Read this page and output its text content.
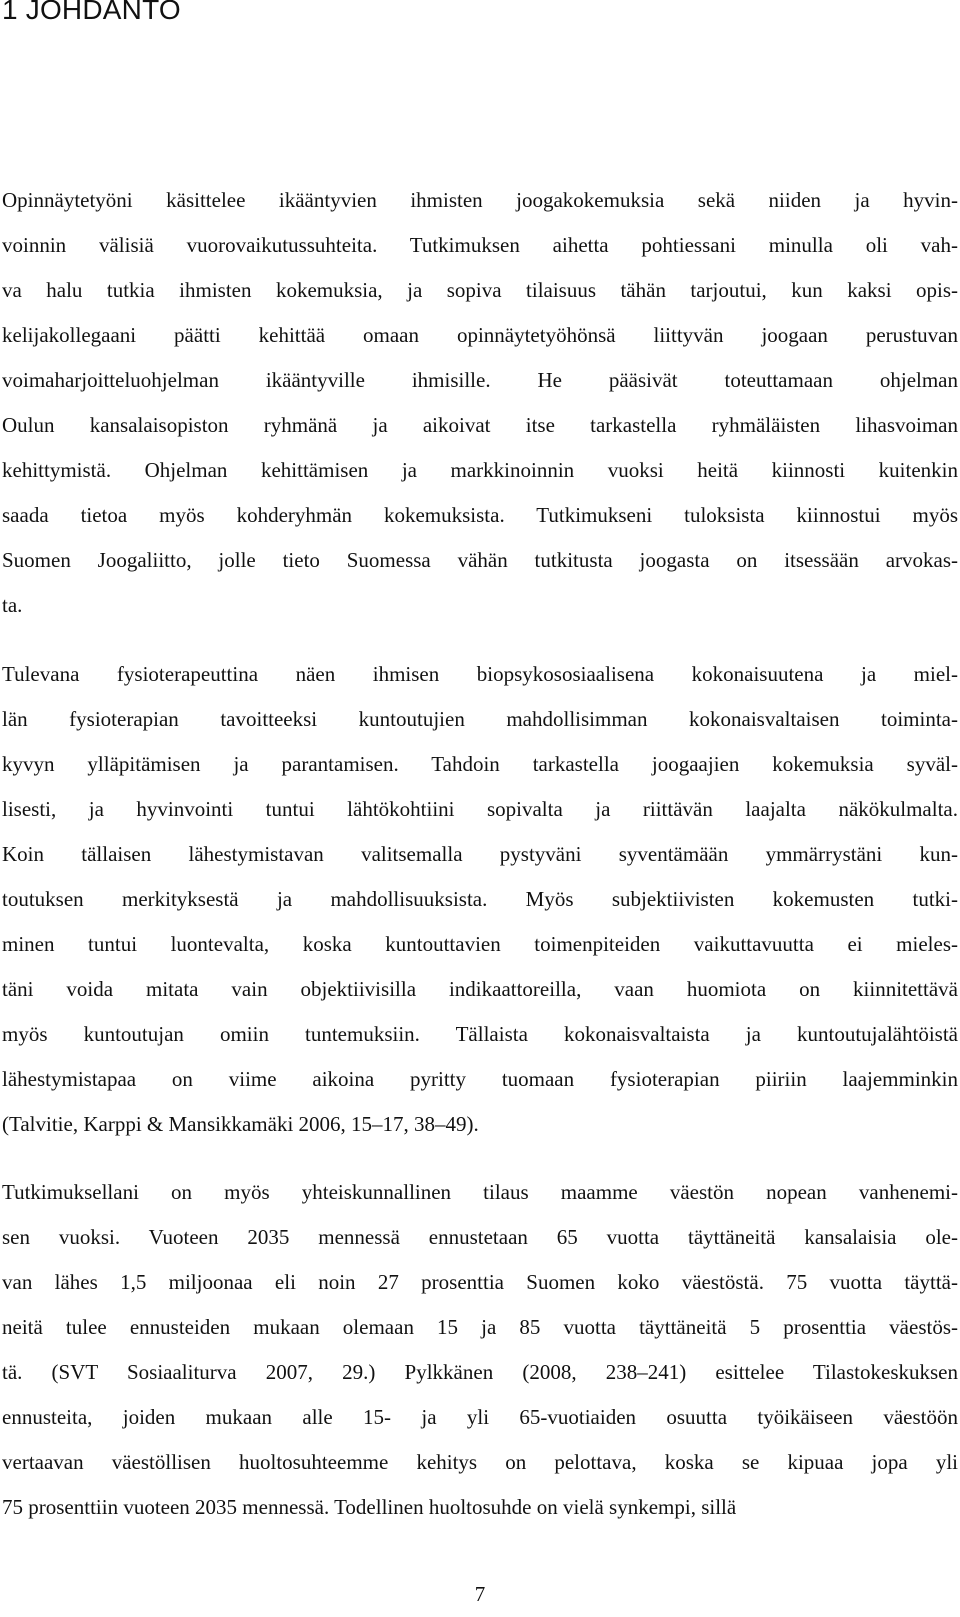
1 JOHDANTO

Opinnäytetyöni käsittelee ikääntyvien ihmisten joogakokemuksia sekä niiden ja hyvin-
voinnin välisiä vuorovaikutussuhteita. Tutkimuksen aihetta pohtiessani minulla oli vah-
va halu tutkia ihmisten kokemuksia, ja sopiva tilaisuus tähän tarjoutui, kun kaksi opis-
kelijakollegaani päätti kehittää omaan opinnäytetyöhönsä liittyvän joogaan perustuvan
voimaharjoitteluohjelman ikääntyville ihmisille. He pääsivät toteuttamaan ohjelman
Oulun kansalaisopiston ryhmänä ja aikoivat itse tarkastella ryhmäläisten lihasvoiman
kehittymistä. Ohjelman kehittämisen ja markkinoinnin vuoksi heitä kiinnosti kuitenkin
saada tietoa myös kohderyhmän kokemuksista. Tutkimukseni tuloksista kiinnostui myös
Suomen Joogaliitto, jolle tieto Suomessa vähän tutkitusta joogasta on itsessään arvokas-
ta.

Tulevana fysioterapeuttina näen ihmisen biopsykososiaalisena kokonaisuutena ja miel-
län fysioterapian tavoitteeksi kuntoutujien mahdollisimman kokonaisvaltaisen toiminta-
kyvyn ylläpitämisen ja parantamisen. Tahdoin tarkastella joogaajien kokemuksia syväl-
lisesti, ja hyvinvointi tuntui lähtökohtiini sopivalta ja riittävän laajalta näkökulmalta.
Koin tällaisen lähestymistavan valitsemalla pystyväni syventämään ymmärrystäni kun-
toutuksen merkityksestä ja mahdollisuuksista. Myös subjektiivisten kokemusten tutki-
minen tuntui luontevalta, koska kuntouttavien toimenpiteiden vaikuttavuutta ei mieles-
täni voida mitata vain objektiivisilla indikaattoreilla, vaan huomiota on kiinnitettävä
myös kuntoutujan omiin tuntemuksiin. Tällaista kokonaisvaltaista ja kuntoutujalähtöistä
lähestymistapaa on viime aikoina pyritty tuomaan fysioterapian piiriin laajemminkin
(Talvitie, Karppi & Mansikkamäki 2006, 15–17, 38–49).

Tutkimuksellani on myös yhteiskunnallinen tilaus maamme väestön nopean vanhenemi-
sen vuoksi. Vuoteen 2035 mennessä ennustetaan 65 vuotta täyttäneitä kansalaisia ole-
van lähes 1,5 miljoonaa eli noin 27 prosenttia Suomen koko väestöstä. 75 vuotta täyttä-
neitä tulee ennusteiden mukaan olemaan 15 ja 85 vuotta täyttäneitä 5 prosenttia väestös-
tä. (SVT Sosiaaliturva 2007, 29.) Pylkkänen (2008, 238–241) esittelee Tilastokeskuksen
ennusteita, joiden mukaan alle 15- ja yli 65-vuotiaiden osuutta työikäiseen väestöön
vertaavan väestöllisen huoltosuhteemme kehitys on pelottava, koska se kipuaa jopa yli
75 prosenttiin vuoteen 2035 mennessä. Todellinen huoltosuhde on vielä synkempi, sillä

7
